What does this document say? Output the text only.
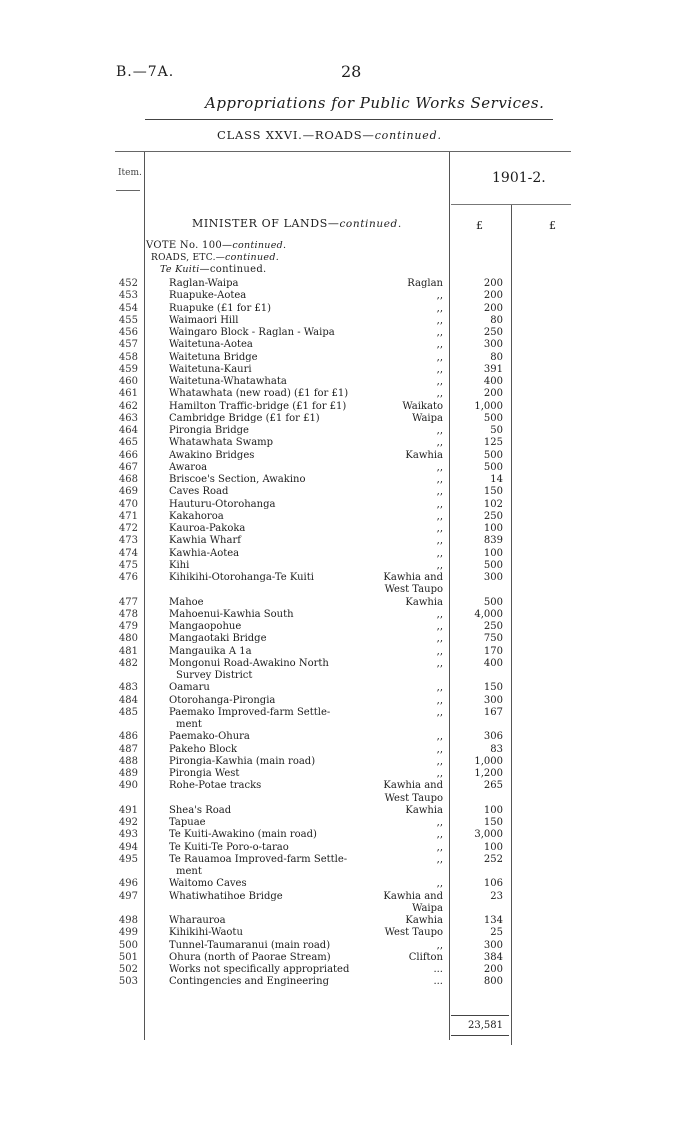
B.—7A.	28
Appropriations for Public Works Services.
CLASS XXVI.—ROADS—continued.
Item.	1901-2.
MINISTER OF LANDS—continued.	£	£
VOTE No. 100—continued.
ROADS, ETC.—continued.
Te Kuiti—continued.
452	Raglan-Waipa	Raglan	200
453	Ruapuke-Aotea	,,	200
454	Ruapuke (£1 for £1)	,,	200
455	Waimaori Hill	,,	80
456	Waingaro Block - Raglan - Waipa	,,	250
457	Waitetuna-Aotea	,,	300
458	Waitetuna Bridge	,,	80
459	Waitetuna-Kauri	,,	391
460	Waitetuna-Whatawhata	,,	400
461	Whatawhata (new road) (£1 for £1)	,,	200
462	Hamilton Traffic-bridge (£1 for £1)	Waikato	1,000
463	Cambridge Bridge (£1 for £1)	Waipa	500
464	Pirongia Bridge	,,	50
465	Whatawhata Swamp	,,	125
466	Awakino Bridges	Kawhia	500
467	Awaroa	,,	500
468	Briscoe's Section, Awakino	,,	14
469	Caves Road	,,	150
470	Hauturu-Otorohanga	,,	102
471	Kakahoroa	,,	250
472	Kauroa-Pakoka	,,	100
473	Kawhia Wharf	,,	839
474	Kawhia-Aotea	,,	100
475	Kihi	,,	500
476	Kihikihi-Otorohanga-Te Kuiti	Kawhia and	300
West Taupo
477	Mahoe	Kawhia	500
478	Mahoenui-Kawhia South	,,	4,000
479	Mangaopohue	,,	250
480	Mangaotaki Bridge	,,	750
481	Mangauika A 1a	,,	170
482	Mongonui Road-Awakino North	,,	400
Survey District
483	Oamaru	,,	150
484	Otorohanga-Pirongia	,,	300
485	Paemako Improved-farm Settle-	,,	167
ment
486	Paemako-Ohura	,,	306
487	Pakeho Block	,,	83
488	Pirongia-Kawhia (main road)	,,	1,000
489	Pirongia West	,,	1,200
490	Rohe-Potae tracks	Kawhia and	265
West Taupo
491	Shea's Road	Kawhia	100
492	Tapuae	,,	150
493	Te Kuiti-Awakino (main road)	,,	3,000
494	Te Kuiti-Te Poro-o-tarao	,,	100
495	Te Rauamoa Improved-farm Settle-	,,	252
ment
496	Waitomo Caves	,,	106
497	Whatiwhatihoe Bridge	Kawhia and	23
Waipa
498	Wharauroa	Kawhia	134
499	Kihikihi-Waotu	West Taupo	25
500	Tunnel-Taumaranui (main road)	,,	300
501	Ohura (north of Paorae Stream)	Clifton	384
502	Works not specifically appropriated	...	200
503	Contingencies and Engineering	...	800
23,581
